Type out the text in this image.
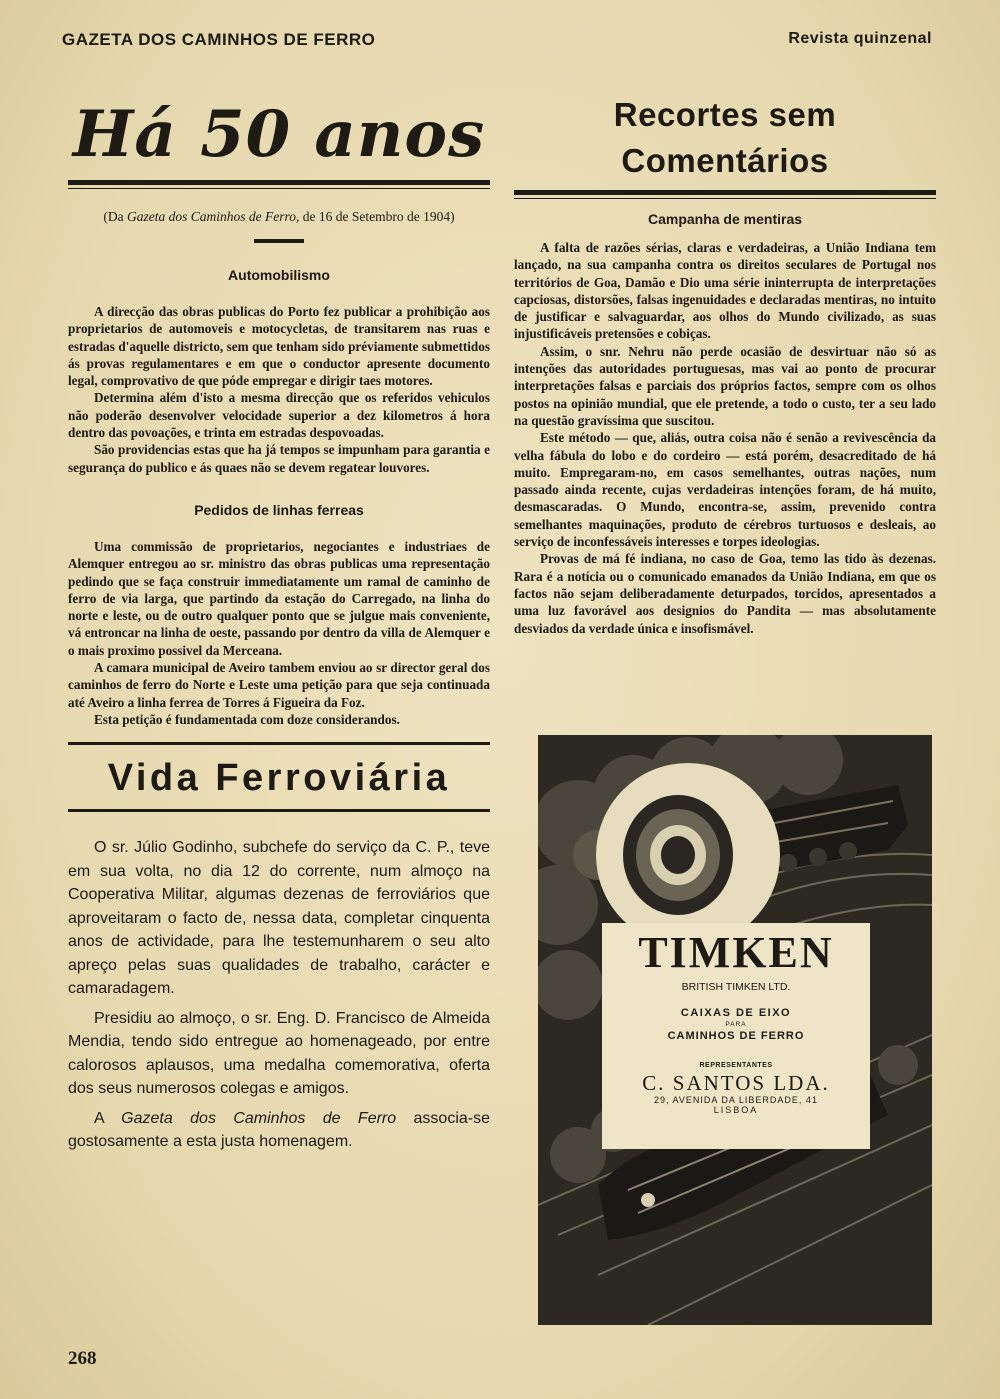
GAZETA DOS CAMINHOS DE FERRO	Revista quinzenal
Há 50 anos
(Da Gazeta dos Caminhos de Ferro, de 16 de Setembro de 1904)
Automobilismo

A direcção das obras publicas do Porto fez publicar a prohibição aos proprietarios de automoveis e motocycletas, de transitarem nas ruas e estradas d'aquelle districto, sem que tenham sido préviamente submettidos ás provas regulamentares e em que o conductor apresente documento legal, comprovativo de que póde empregar e dirigir taes motores.

Determina além d'isto a mesma direcção que os referidos vehiculos não poderão desenvolver velocidade superior a dez kilometros á hora dentro das povoações, e trinta em estradas despovoadas.

São providencias estas que ha já tempos se impunham para garantia e segurança do publico e ás quaes não se devem regatear louvores.

Pedidos de linhas ferreas

Uma commissão de proprietarios, negociantes e industriaes de Alemquer entregou ao sr. ministro das obras publicas uma representação pedindo que se faça construir immediatamente um ramal de caminho de ferro de via larga, que partindo da estação do Carregado, na linha do norte e leste, ou de outro qualquer ponto que se julgue mais conveniente, vá entroncar na linha de oeste, passando por dentro da villa de Alemquer e o mais proximo possivel da Merceana.

A camara municipal de Aveiro tambem enviou ao sr director geral dos caminhos de ferro do Norte e Leste uma petição para que seja continuada até Aveiro a linha ferrea de Torres á Figueira da Foz.

Esta petição é fundamentada com doze considerandos.

Vida Ferroviária

O sr. Júlio Godinho, subchefe do serviço da C. P., teve em sua volta, no dia 12 do corrente, num almoço na Cooperativa Militar, algumas dezenas de ferroviários que aproveitaram o facto de, nessa data, completar cinquenta anos de actividade, para lhe testemunharem o seu alto apreço pelas suas qualidades de trabalho, carácter e camaradagem.

Presidiu ao almoço, o sr. Eng. D. Francisco de Almeida Mendia, tendo sido entregue ao homenageado, por entre calorosos aplausos, uma medalha comemorativa, oferta dos seus numerosos colegas e amigos.

A Gazeta dos Caminhos de Ferro associa-se gostosamente a esta justa homenagem.

Recortes sem Comentários
Campanha de mentiras

A falta de razões sérias, claras e verdadeiras, a União Indiana tem lançado, na sua campanha contra os direitos seculares de Portugal nos territórios de Goa, Damão e Dio uma série ininterrupta de interpretações capciosas, distorsões, falsas ingenuidades e declaradas mentiras, no intuito de justificar e salvaguardar, aos olhos do Mundo civilizado, as suas injustificáveis pretensões e cobiças.

Assim, o snr. Nehru não perde ocasião de desvirtuar não só as intenções das autoridades portuguesas, mas vai ao ponto de procurar interpretações falsas e parciais dos próprios factos, sempre com os olhos postos na opinião mundial, que ele pretende, a todo o custo, ter a seu lado na questão gravíssima que suscitou.

Este método — que, aliás, outra coisa não é senão a revivescência da velha fábula do lobo e do cordeiro — está porém, desacreditado de há muito. Empregaram-no, em casos semelhantes, outras nações, num passado ainda recente, cujas verdadeiras intenções foram, de há muito, desmascaradas. O Mundo, encontra-se, assim, prevenido contra semelhantes maquinações, produto de cérebros turtuosos e desleais, ao serviço de inconfessáveis interesses e torpes ideologias.

Provas de má fé indiana, no caso de Goa, temo las tido às dezenas. Rara é a notícia ou o comunicado emanados da União Indiana, em que os factos não sejam deliberadamente deturpados, torcidos, apresentados a uma luz favorável aos designios do Pandita — mas absolutamente desviados da verdade única e insofismável.

TIMKEN
BRITISH TIMKEN LTD.
CAIXAS DE EIXO
PARA
CAMINHOS DE FERRO
REPRESENTANTES
C. SANTOS LDA.
29, AVENIDA DA LIBERDADE, 41
LISBOA
268
